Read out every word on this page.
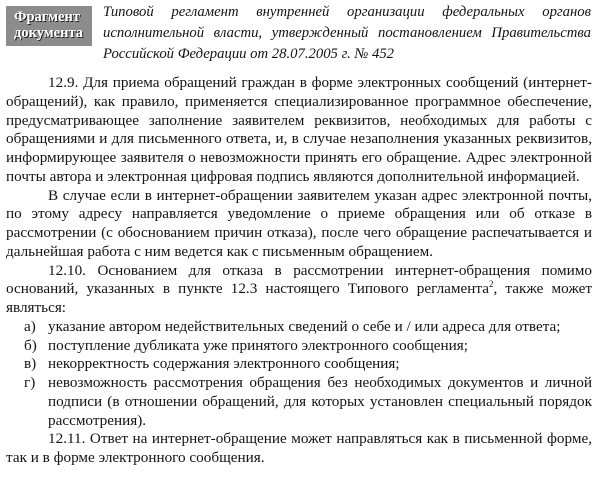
Фрагмент
документа

Типовой регламент внутренней организации федеральных органов исполнительной власти, утвержденный постановлением Правительства Российской Федерации от 28.07.2005 г. № 452

12.9. Для приема обращений граждан в форме электронных сообщений (интернет-обращений), как правило, применяется специализированное программное обеспечение, предусматривающее заполнение заявителем реквизитов, необходимых для работы с обращениями и для письменного ответа, и, в случае незаполнения указанных реквизитов, информирующее заявителя о невозможности принять его обращение. Адрес электронной почты автора и электронная цифровая подпись являются дополнительной информацией.

В случае если в интернет-обращении заявителем указан адрес электронной почты, по этому адресу направляется уведомление о приеме обращения или об отказе в рассмотрении (с обоснованием причин отказа), после чего обращение распечатывается и дальнейшая работа с ним ведется как с письменным обращением.

12.10. Основанием для отказа в рассмотрении интернет-обращения помимо оснований, указанных в пункте 12.3 настоящего Типового регламента$^2$, также может являться:

а) указание автором недействительных сведений о себе и / или адреса для ответа;
б) поступление дубликата уже принятого электронного сообщения;
в) некорректность содержания электронного сообщения;
г) невозможность рассмотрения обращения без необходимых документов и личной подписи (в отношении обращений, для которых установлен специальный порядок рассмотрения).

12.11. Ответ на интернет-обращение может направляться как в письменной форме, так и в форме электронного сообщения.
